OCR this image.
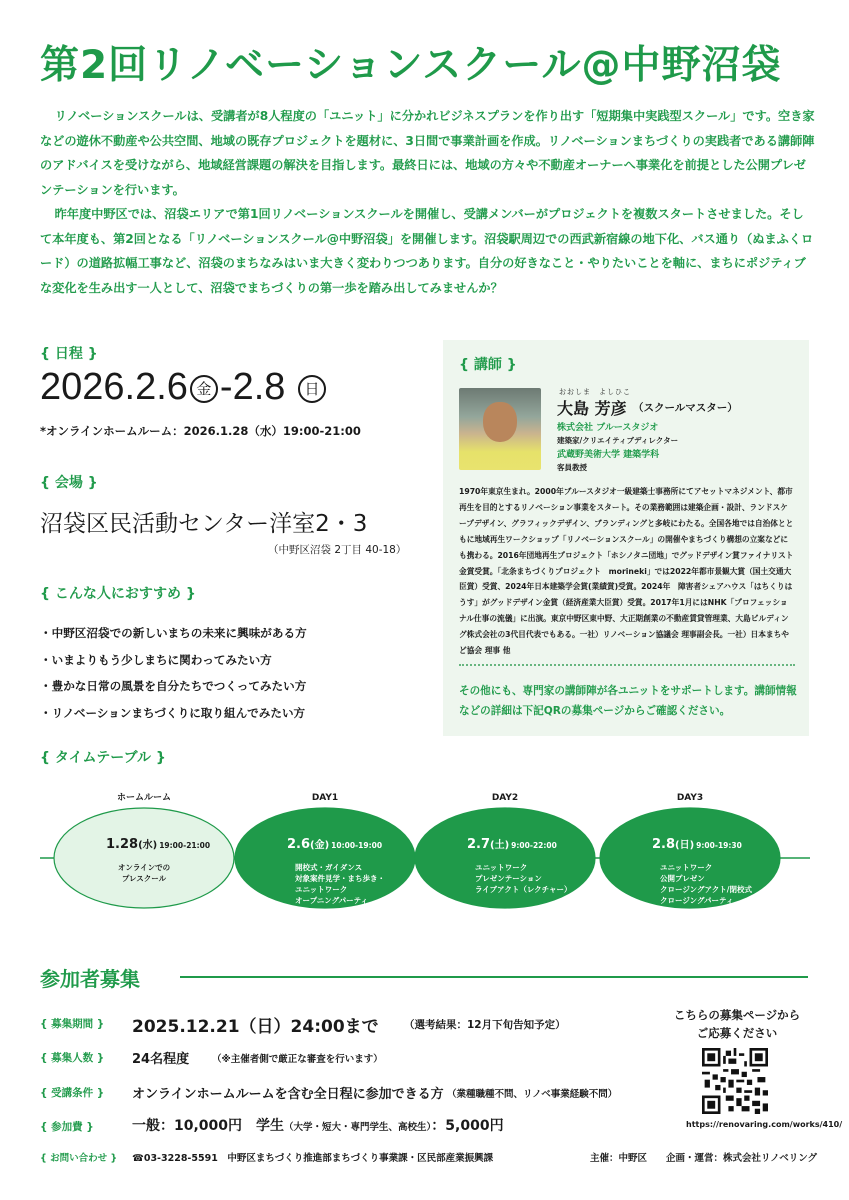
第2回リノベーションスクール@中野沼袋

リノベーションスクールは、受講者が8人程度の「ユニット」に分かれビジネスプランを作り出す「短期集中実践型スクール」です。空き家などの遊休不動産や公共空間、地域の既存プロジェクトを題材に、3日間で事業計画を作成。リノベーションまちづくりの実践者である講師陣のアドバイスを受けながら、地域経営課題の解決を目指します。最終日には、地域の方々や不動産オーナーへ事業化を前提とした公開プレゼンテーションを行います。

昨年度中野区では、沼袋エリアで第1回リノベーションスクールを開催し、受講メンバーがプロジェクトを複数スタートさせました。そして本年度も、第2回となる「リノベーションスクール@中野沼袋」を開催します。沼袋駅周辺での西武新宿線の地下化、バス通り（ぬまふくロード）の道路拡幅工事など、沼袋のまちなみはいま大きく変わりつつあります。自分の好きなこと・やりたいことを軸に、まちにポジティブな変化を生み出す一人として、沼袋でまちづくりの第一歩を踏み出してみませんか？

{ 日程 }
2026.2.6 金 -2.8 日
*オンラインホームルーム：2026.1.28（水）19:00-21:00
{ 会場 }
沼袋区民活動センター洋室2・3
（中野区沼袋 2丁目 40-18）
{ こんな人におすすめ }
・中野区沼袋での新しいまちの未来に興味がある方
・いまよりもう少しまちに関わってみたい方
・豊かな日常の風景を自分たちでつくってみたい方
・リノベーションまちづくりに取り組んでみたい方
{ 講師 }
おおしま　よしひこ
大島 芳彦 （スクールマスター）
株式会社 ブルースタジオ
建築家/クリエイティブディレクター
武蔵野美術大学 建築学科
客員教授
1970年東京生まれ。2000年ブルースタジオ一級建築士事務所にてアセットマネジメント、都市再生を目的とするリノベーション事業をスタート。その業務範囲は建築企画・設計、ランドスケープデザイン、グラフィックデザイン、ブランディングと多岐にわたる。全国各地では自治体とともに地域再生ワークショップ「リノベーションスクール」の開催やまちづくり構想の立案などにも携わる。2016年団地再生プロジェクト「ホシノタニ団地」でグッドデザイン賞ファイナリスト金賞受賞。「北条まちづくりプロジェクト　morineki」では2022年都市景観大賞（国土交通大臣賞）受賞、2024年日本建築学会賞(業績賞)受賞。2024年　障害者シェアハウス「はちくりはうす」がグッドデザイン金賞（経済産業大臣賞）受賞。2017年1月にはNHK「プロフェッショナル仕事の流儀」に出演。東京中野区東中野、大正期創業の不動産賃貸管理業、大島ビルディング株式会社の3代目代表でもある。一社）リノベーション協議会 理事副会長。一社）日本まちやど協会 理事 他
その他にも、専門家の講師陣が各ユニットをサポートします。講師情報などの詳細は下記QRの募集ページからご確認ください。
{ タイムテーブル }
ホームルーム
1.28(水) 19:00-21:00
オンラインでの
プレスクール
DAY1
2.6(金) 10:00-19:00
開校式・ガイダンス
対象案件見学・まち歩き・
ユニットワーク
オープニングパーティ
DAY2
2.7(土) 9:00-22:00
ユニットワーク
プレゼンテーション
ライブアクト（レクチャー）
DAY3
2.8(日) 9:00-19:30
ユニットワーク
公開プレゼン
クロージングアクト/閉校式
クロージングパーティ
参加者募集
{ 募集期間 } 2025.12.21（日）24:00まで （選考結果：12月下旬告知予定）
{ 募集人数 } 24名程度 （※主催者側で厳正な審査を行います）
{ 受講条件 } オンラインホームルームを含む全日程に参加できる方 （業種職種不問、リノベ事業経験不問）
{ 参加費 }	一般：10,000円　 学生（大学・短大・専門学生、高校生）：5,000円
{ お問い合わせ } ☎03-3228-5591　中野区まちづくり推進部まちづくり事業課・区民部産業振興課	主催：中野区 企画・運営：株式会社リノベリング
こちらの募集ページからご応募ください
https://renovaring.com/works/410/
